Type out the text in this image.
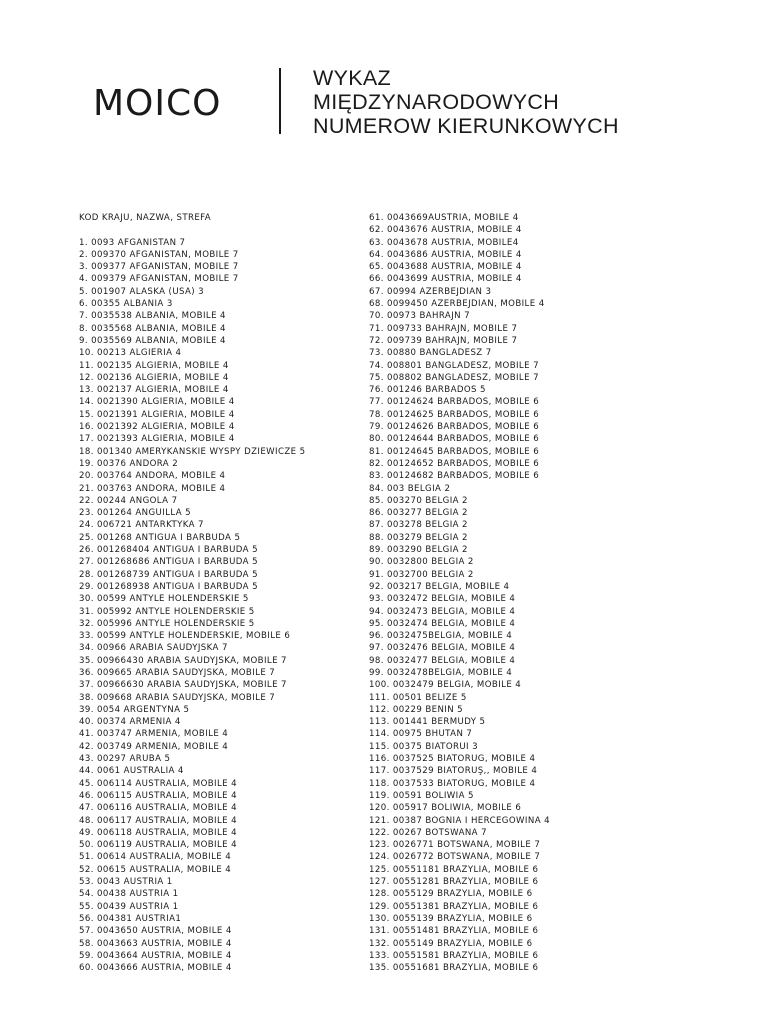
MOICO
WYKAZ
MIĘDZYNARODOWYCH
NUMEROW KIERUNKOWYCH
KOD KRAJU, NAZWA, STREFA
1. 0093 AFGANISTAN 7
2. 009370 AFGANISTAN, MOBILE 7
3. 009377 AFGANISTAN, MOBILE 7
4. 009379 AFGANISTAN, MOBILE 7
5. 001907 ALASKA (USA) 3
6. 00355 ALBANIA 3
7. 0035538 ALBANIA, MOBILE 4
8. 0035568 ALBANIA, MOBILE 4
9. 0035569 ALBANIA, MOBILE 4
10. 00213 ALGIERIA 4
11. 002135 ALGIERIA, MOBILE 4
12. 002136 ALGIERIA, MOBILE 4
13. 002137 ALGIERIA, MOBILE 4
14. 0021390 ALGIERIA, MOBILE 4
15. 0021391 ALGIERIA, MOBILE 4
16. 0021392 ALGIERIA, MOBILE 4
17. 0021393 ALGIERIA, MOBILE 4
18. 001340 AMERYKANSKIE WYSPY DZIEWICZE 5
19. 00376 ANDORA 2
20. 003764 ANDORA, MOBILE 4
21. 003763 ANDORA, MOBILE 4
22. 00244 ANGOLA 7
23. 001264 ANGUILLA 5
24. 006721 ANTARKTYKA 7
25. 001268 ANTIGUA I BARBUDA 5
26. 001268404 ANTIGUA I BARBUDA 5
27. 001268686 ANTIGUA I BARBUDA 5
28. 001268739 ANTIGUA I BARBUDA 5
29. 001268938 ANTIGUA I BARBUDA 5
30. 00599 ANTYLE HOLENDERSKIE 5
31. 005992 ANTYLE HOLENDERSKIE 5
32. 005996 ANTYLE HOLENDERSKIE 5
33. 00599 ANTYLE HOLENDERSKIE, MOBILE 6
34. 00966 ARABIA SAUDYJSKA 7
35. 00966430 ARABIA SAUDYJSKA, MOBILE 7
36. 009665 ARABIA SAUDYJSKA, MOBILE 7
37. 00966630 ARABIA SAUDYJSKA, MOBILE 7
38. 009668 ARABIA SAUDYJSKA, MOBILE 7
39. 0054 ARGENTYNA 5
40. 00374 ARMENIA 4
41. 003747 ARMENIA, MOBILE 4
42. 003749 ARMENIA, MOBILE 4
43. 00297 ARUBA 5
44. 0061 AUSTRALIA 4
45. 006114 AUSTRALIA, MOBILE 4
46. 006115 AUSTRALIA, MOBILE 4
47. 006116 AUSTRALIA, MOBILE 4
48. 006117 AUSTRALIA, MOBILE 4
49. 006118 AUSTRALIA, MOBILE 4
50. 006119 AUSTRALIA, MOBILE 4
51. 00614 AUSTRALIA, MOBILE 4
52. 00615 AUSTRALIA, MOBILE 4
53. 0043 AUSTRIA 1
54. 00438 AUSTRIA 1
55. 00439 AUSTRIA 1
56. 004381 AUSTRIA1
57. 0043650 AUSTRIA, MOBILE 4
58. 0043663 AUSTRIA, MOBILE 4
59. 0043664 AUSTRIA, MOBILE 4
60. 0043666 AUSTRIA, MOBILE 4
61. 0043669AUSTRIA, MOBILE 4
62. 0043676 AUSTRIA, MOBILE 4
63. 0043678 AUSTRIA, MOBILE4
64. 0043686 AUSTRIA, MOBILE 4
65. 0043688 AUSTRIA, MOBILE 4
66. 0043699 AUSTRIA, MOBILE 4
67. 00994 AZERBEJDIAN 3
68. 0099450 AZERBEJDIAN, MOBILE 4
70. 00973 BAHRAJN 7
71. 009733 BAHRAJN, MOBILE 7
72. 009739 BAHRAJN, MOBILE 7
73. 00880 BANGLADESZ 7
74. 008801 BANGLADESZ, MOBILE 7
75. 008802 BANGLADESZ, MOBILE 7
76. 001246 BARBADOS 5
77. 00124624 BARBADOS, MOBILE 6
78. 00124625 BARBADOS, MOBILE 6
79. 00124626 BARBADOS, MOBILE 6
80. 00124644 BARBADOS, MOBILE 6
81. 00124645 BARBADOS, MOBILE 6
82. 00124652 BARBADOS, MOBILE 6
83. 00124682 BARBADOS, MOBILE 6
84. 003 BELGIA 2
85. 003270 BELGIA 2
86. 003277 BELGIA 2
87. 003278 BELGIA 2
88. 003279 BELGIA 2
89. 003290 BELGIA 2
90. 0032800 BELGIA 2
91. 0032700 BELGIA 2
92. 003217 BELGIA, MOBILE 4
93. 0032472 BELGIA, MOBILE 4
94. 0032473 BELGIA, MOBILE 4
95. 0032474 BELGIA, MOBILE 4
96. 0032475BELGIA, MOBILE 4
97. 0032476 BELGIA, MOBILE 4
98. 0032477 BELGIA, MOBILE 4
99. 0032478BELGIA, MOBILE 4
100. 0032479 BELGIA, MOBILE 4
111. 00501 BELIZE 5
112. 00229 BENIN 5
113. 001441 BERMUDY 5
114. 00975 BHUTAN 7
115. 00375 BIATORUI 3
116. 0037525 BIATORUG, MOBILE 4
117. 0037529 BIATORUŞ,, MOBILE 4
118. 0037533 BIATORUG, MOBILE 4
119. 00591 BOLIWIA 5
120. 005917 BOLIWIA, MOBILE 6
121. 00387 BOGNIA I HERCEGOWINA 4
122. 00267 BOTSWANA 7
123. 0026771 BOTSWANA, MOBILE 7
124. 0026772 BOTSWANA, MOBILE 7
125. 00551181 BRAZYLIA, MOBILE 6
127. 00551281 BRAZYLIA, MOBILE 6
128. 0055129 BRAZYLIA, MOBILE 6
129. 00551381 BRAZYLIA, MOBILE 6
130. 0055139 BRAZYLIA, MOBILE 6
131. 00551481 BRAZYLIA, MOBILE 6
132. 0055149 BRAZYLIA, MOBILE 6
133. 00551581 BRAZYLIA, MOBILE 6
135. 00551681 BRAZYLIA, MOBILE 6
